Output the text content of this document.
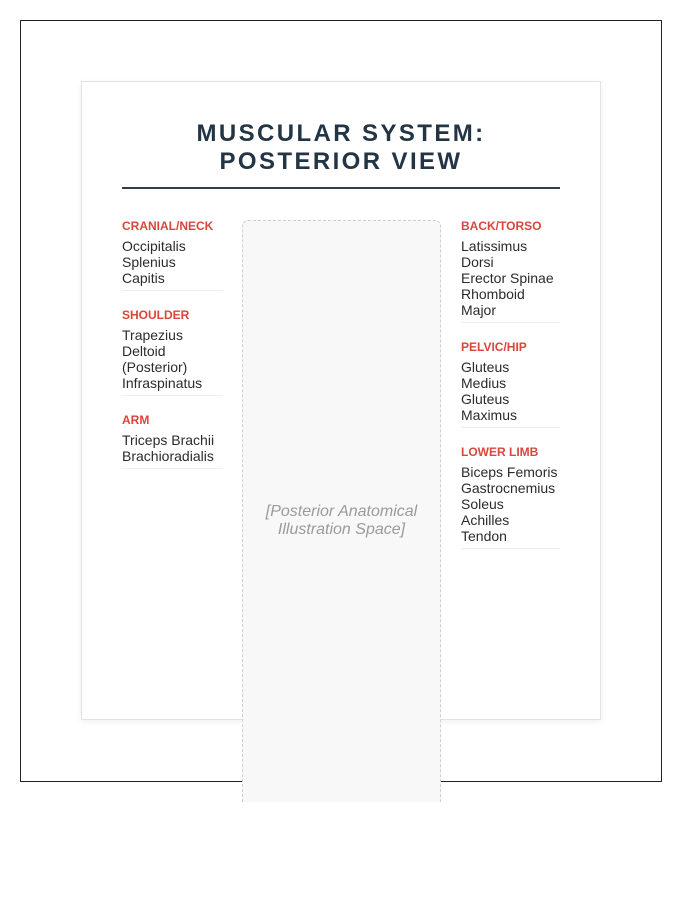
MUSCULAR SYSTEM:
POSTERIOR VIEW
CRANIAL/NECK
Occipitalis
Splenius
Capitis
SHOULDER
Trapezius
Deltoid
(Posterior)
Infraspinatus
ARM
Triceps Brachii
Brachioradialis
BACK/TORSO
Latissimus
Dorsi
Erector Spinae
Rhomboid
Major
PELVIC/HIP
Gluteus
Medius
Gluteus
Maximus
LOWER LIMB
Biceps Femoris
Gastrocnemius
Soleus
Achilles
Tendon
[Posterior Anatomical
Illustration Space]
